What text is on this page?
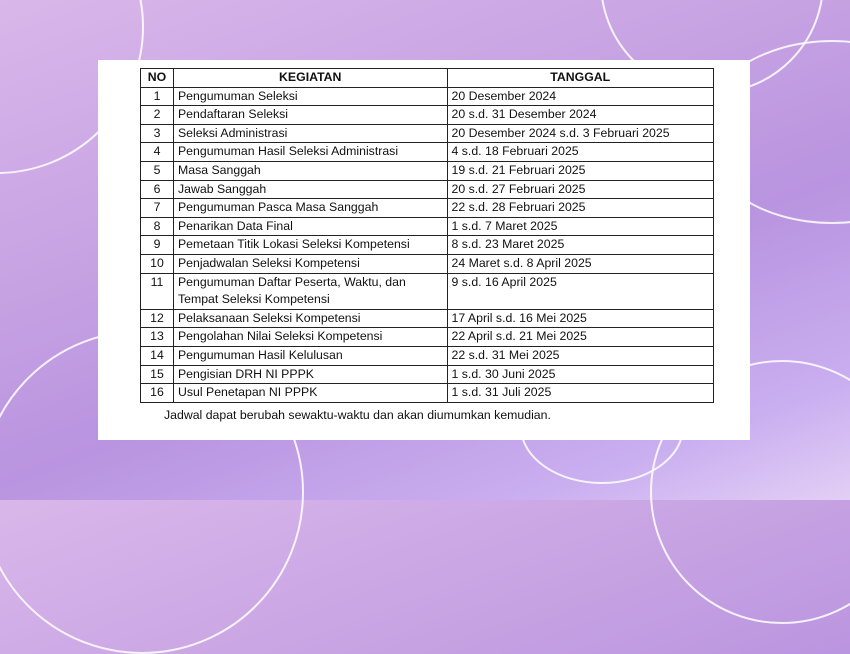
NO	KEGIATAN	TANGGAL
1	Pengumuman Seleksi	20 Desember 2024
2	Pendaftaran Seleksi	20 s.d. 31 Desember 2024
3	Seleksi Administrasi	20 Desember 2024 s.d. 3 Februari 2025
4	Pengumuman Hasil Seleksi Administrasi	4 s.d. 18 Februari 2025
5	Masa Sanggah	19 s.d. 21 Februari 2025
6	Jawab Sanggah	20 s.d. 27 Februari 2025
7	Pengumuman Pasca Masa Sanggah	22 s.d. 28 Februari 2025
8	Penarikan Data Final	1 s.d. 7 Maret 2025
9	Pemetaan Titik Lokasi Seleksi Kompetensi	8 s.d. 23 Maret 2025
10	Penjadwalan Seleksi Kompetensi	24 Maret s.d. 8 April 2025
11	Pengumuman Daftar Peserta, Waktu, dan
Tempat Seleksi Kompetensi	9 s.d. 16 April 2025
12	Pelaksanaan Seleksi Kompetensi	17 April s.d. 16 Mei 2025
13	Pengolahan Nilai Seleksi Kompetensi	22 April s.d. 21 Mei 2025
14	Pengumuman Hasil Kelulusan	22 s.d. 31 Mei 2025
15	Pengisian DRH NI PPPK	1 s.d. 30 Juni 2025
16	Usul Penetapan NI PPPK	1 s.d. 31 Juli 2025
Jadwal dapat berubah sewaktu-waktu dan akan diumumkan kemudian.
